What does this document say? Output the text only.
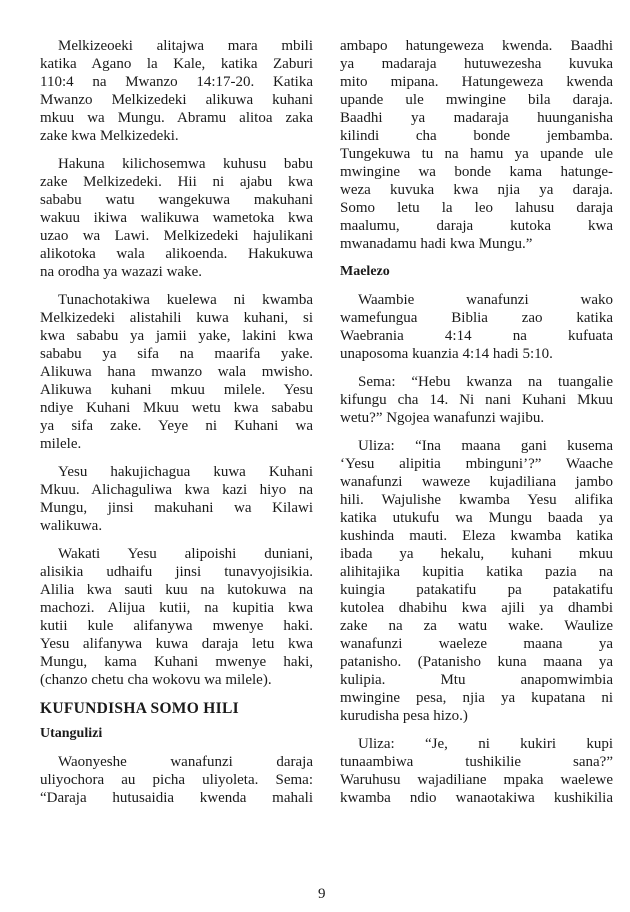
Melkizeoeki alitajwa mara mbili
katika Agano la Kale, katika Zaburi
110:4 na Mwanzo 14:17-20. Katika
Mwanzo Melkizedeki alikuwa kuhani
mkuu wa Mungu. Abramu alitoa zaka
zake kwa Melkizedeki.
Hakuna kilichosemwa kuhusu babu
zake Melkizedeki. Hii ni ajabu kwa
sababu watu wangekuwa makuhani
wakuu ikiwa walikuwa wametoka kwa
uzao wa Lawi. Melkizedeki hajulikani
alikotoka wala alikoenda. Hakukuwa
na orodha ya wazazi wake.
Tunachotakiwa kuelewa ni kwamba
Melkizedeki alistahili kuwa kuhani, si
kwa sababu ya jamii yake, lakini kwa
sababu ya sifa na maarifa yake.
Alikuwa hana mwanzo wala mwisho.
Alikuwa kuhani mkuu milele. Yesu
ndiye Kuhani Mkuu wetu kwa sababu
ya sifa zake. Yeye ni Kuhani wa
milele.
Yesu hakujichagua kuwa Kuhani
Mkuu. Alichaguliwa kwa kazi hiyo na
Mungu, jinsi makuhani wa Kilawi
walikuwa.
Wakati Yesu alipoishi duniani,
alisikia udhaifu jinsi tunavyojisikia.
Alilia kwa sauti kuu na kutokuwa na
machozi. Alijua kutii, na kupitia kwa
kutii kule alifanywa mwenye haki.
Yesu alifanywa kuwa daraja letu kwa
Mungu, kama Kuhani mwenye haki,
(chanzo chetu cha wokovu wa milele).
KUFUNDISHA SOMO HILI
Utangulizi
Waonyeshe wanafunzi daraja
uliyochora au picha uliyoleta. Sema:
“Daraja hutusaidia kwenda mahali
ambapo hatungeweza kwenda. Baadhi
ya madaraja hutuwezesha kuvuka
mito mipana. Hatungeweza kwenda
upande ule mwingine bila daraja.
Baadhi ya madaraja huunganisha
kilindi cha bonde jembamba.
Tungekuwa tu na hamu ya upande ule
mwingine wa bonde kama hatunge-
weza kuvuka kwa njia ya daraja.
Somo letu la leo lahusu daraja
maalumu, daraja kutoka kwa
mwanadamu hadi kwa Mungu.”
Maelezo
Waambie wanafunzi wako
wamefungua Biblia zao katika
Waebrania 4:14 na kufuata
unaposoma kuanzia 4:14 hadi 5:10.
Sema: “Hebu kwanza na tuangalie
kifungu cha 14. Ni nani Kuhani Mkuu
wetu?” Ngojea wanafunzi wajibu.
Uliza: “Ina maana gani kusema
‘Yesu alipitia mbinguni’?” Waache
wanafunzi waweze kujadiliana jambo
hili. Wajulishe kwamba Yesu alifika
katika utukufu wa Mungu baada ya
kushinda mauti. Eleza kwamba katika
ibada ya hekalu, kuhani mkuu
alihitajika kupitia katika pazia na
kuingia patakatifu pa patakatifu
kutolea dhabihu kwa ajili ya dhambi
zake na za watu wake. Waulize
wanafunzi waeleze maana ya
patanisho. (Patanisho kuna maana ya
kulipia. Mtu anapomwimbia
mwingine pesa, njia ya kupatana ni
kurudisha pesa hizo.)
Uliza: “Je, ni kukiri kupi
tunaambiwa tushikilie sana?”
Waruhusu wajadiliane mpaka waelewe
kwamba ndio wanaotakiwa kushikilia
9
